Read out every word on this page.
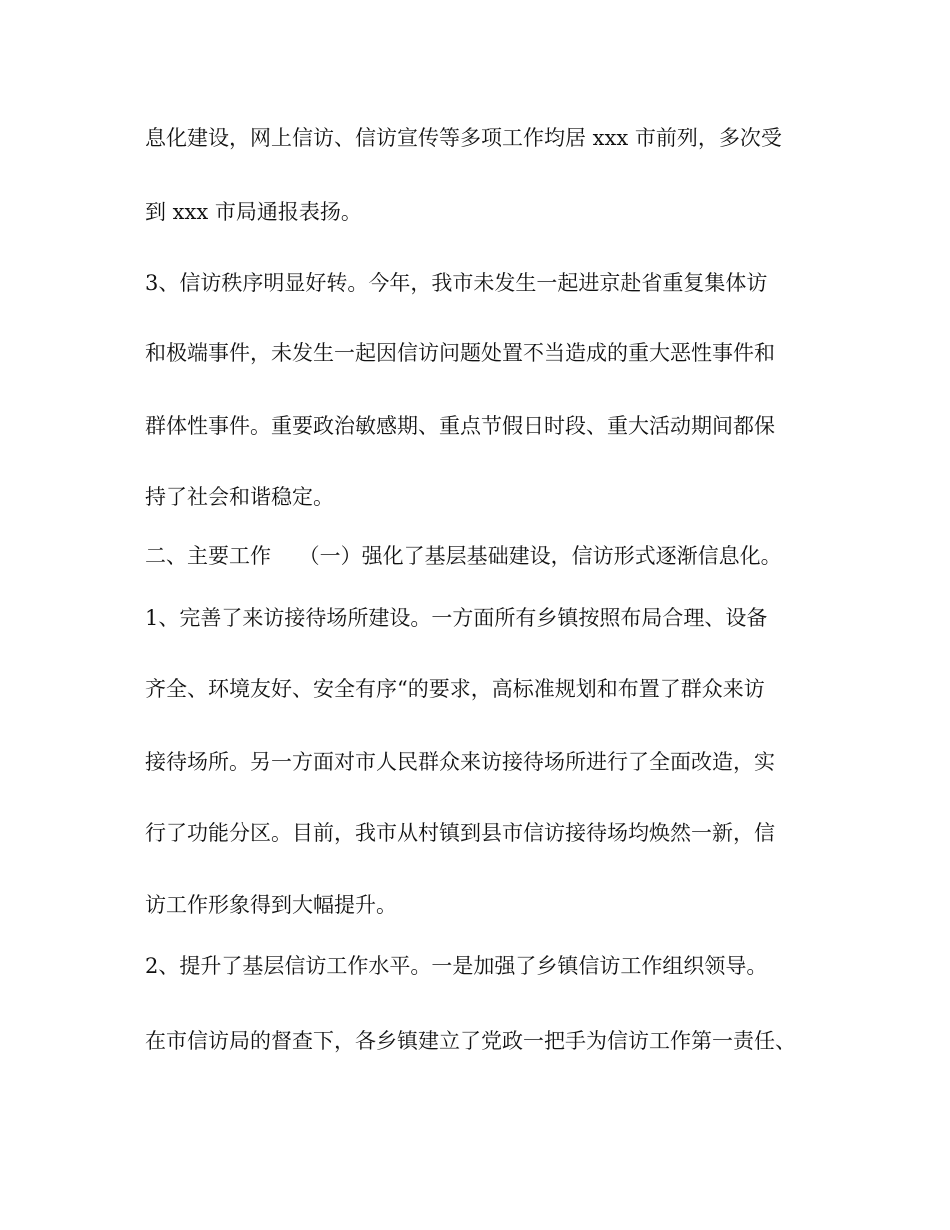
息化建设，网上信访、信访宣传等多项工作均居 xxx 市前列，多次受
到 xxx 市局通报表扬。
3、信访秩序明显好转。今年，我市未发生一起进京赴省重复集体访
和极端事件，未发生一起因信访问题处置不当造成的重大恶性事件和
群体性事件。重要政治敏感期、重点节假日时段、重大活动期间都保
持了社会和谐稳定。
二、主要工作　 （一）强化了基层基础建设，信访形式逐渐信息化。
1、完善了来访接待场所建设。一方面所有乡镇按照布局合理、设备
齐全、环境友好、安全有序“的要求，高标准规划和布置了群众来访
接待场所。另一方面对市人民群众来访接待场所进行了全面改造，实
行了功能分区。目前，我市从村镇到县市信访接待场均焕然一新，信
访工作形象得到大幅提升。
2、提升了基层信访工作水平。一是加强了乡镇信访工作组织领导。
在市信访局的督查下，各乡镇建立了党政一把手为信访工作第一责任、
